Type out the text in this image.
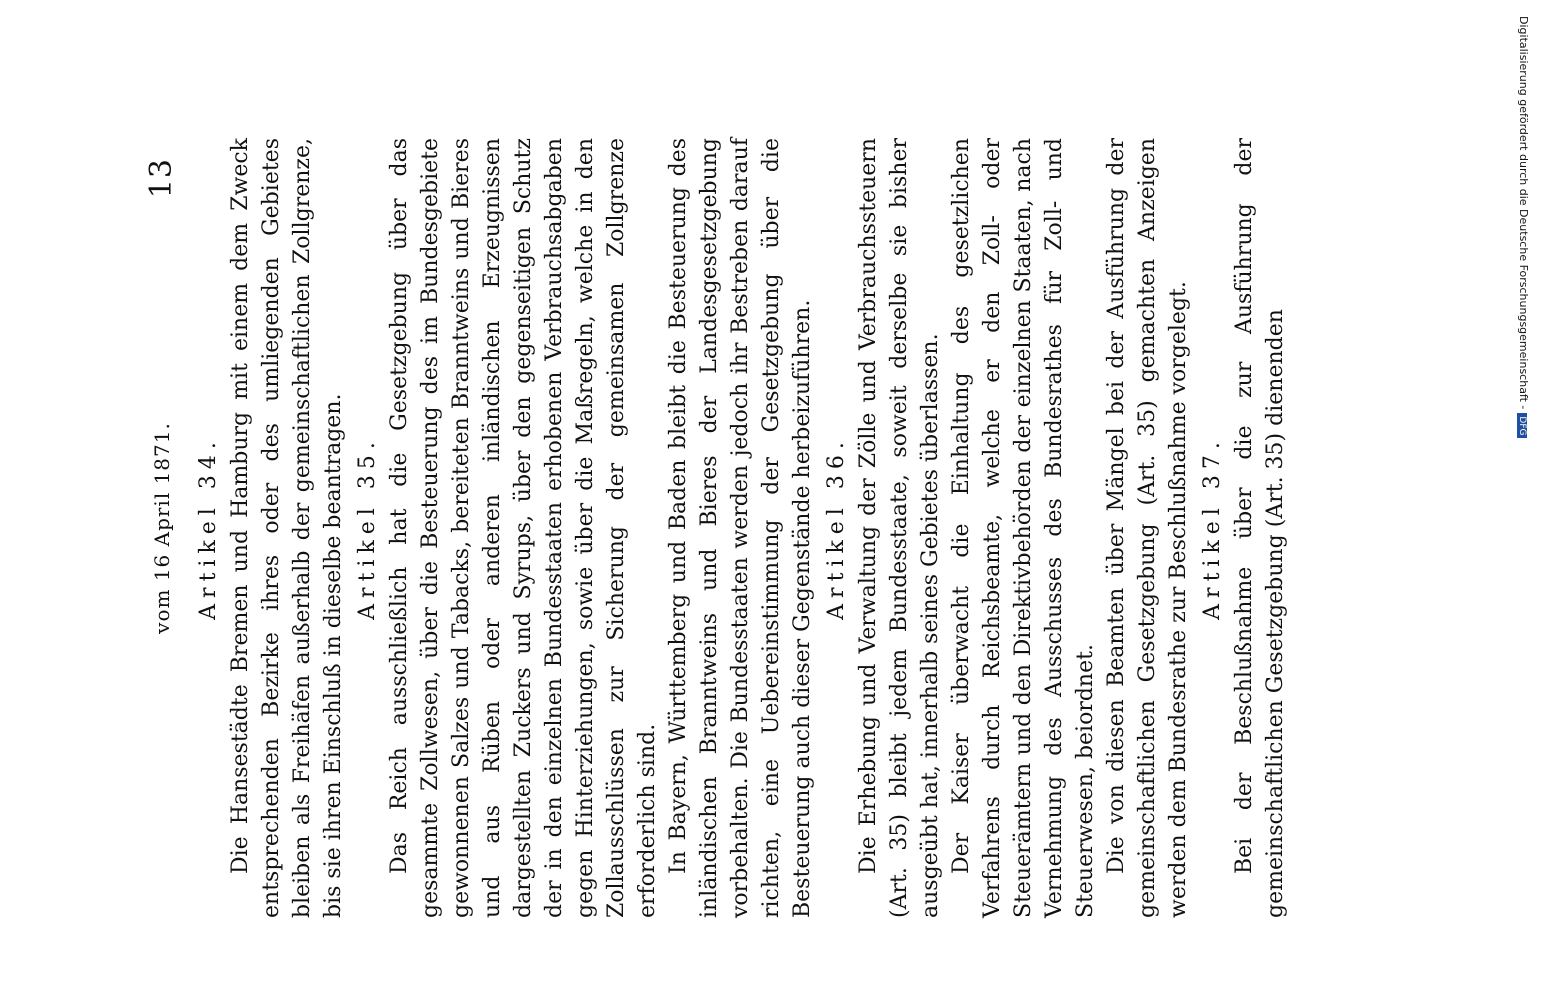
Digitalisierung gefördert durch die Deutsche Forschungsgemeinschaft -DFG
vom 16 April 1871.
13
Artikel 34. Die Hansestädte Bremen und Hamburg mit einem dem Zweck entsprechenden Bezirke ihres oder des umliegenden Gebietes bleiben als Freihäfen außerhalb der gemeinschaftlichen Zollgrenze, bis sie ihren Einschluß in dieselbe beantragen. Artikel 35. Das Reich ausschließlich hat die Gesetzgebung über das gesammte Zollwesen, über die Besteuerung des im Bundesgebiete gewonnenen Salzes und Tabacks, bereiteten Branntweins und Bieres und aus Rüben oder anderen inländischen Erzeugnissen dargestellten Zuckers und Syrups, über den gegenseitigen Schutz der in den einzelnen Bundesstaaten erhobenen Verbrauchsabgaben gegen Hinterziehungen, sowie über die Maßregeln, welche in den Zollausschlüssen zur Sicherung der gemeinsamen Zollgrenze erforderlich sind. In Bayern, Württemberg und Baden bleibt die Besteuerung des inländischen Branntweins und Bieres der Landesgesetzgebung vorbehalten. Die Bundesstaaten werden jedoch ihr Bestreben darauf richten, eine Uebereinstimmung der Gesetzgebung über die Besteuerung auch dieser Gegenstände herbeizuführen. Artikel 36. Die Erhebung und Verwaltung der Zölle und Verbrauchssteuern (Art. 35) bleibt jedem Bundesstaate, soweit derselbe sie bisher ausgeübt hat, innerhalb seines Gebietes überlassen. Der Kaiser überwacht die Einhaltung des gesetzlichen Verfahrens durch Reichsbeamte, welche er den Zoll- oder Steuerämtern und den Direktivbehörden der einzelnen Staaten, nach Vernehmung des Ausschusses des Bundesrathes für Zoll- und Steuerwesen, beiordnet. Die von diesen Beamten über Mängel bei der Ausführung der gemeinschaftlichen Gesetzgebung (Art. 35) gemachten Anzeigen werden dem Bundesrathe zur Beschlußnahme vorgelegt. Artikel 37. Bei der Beschlußnahme über die zur Ausführung der gemeinschaftlichen Gesetzgebung (Art. 35) dienenden
